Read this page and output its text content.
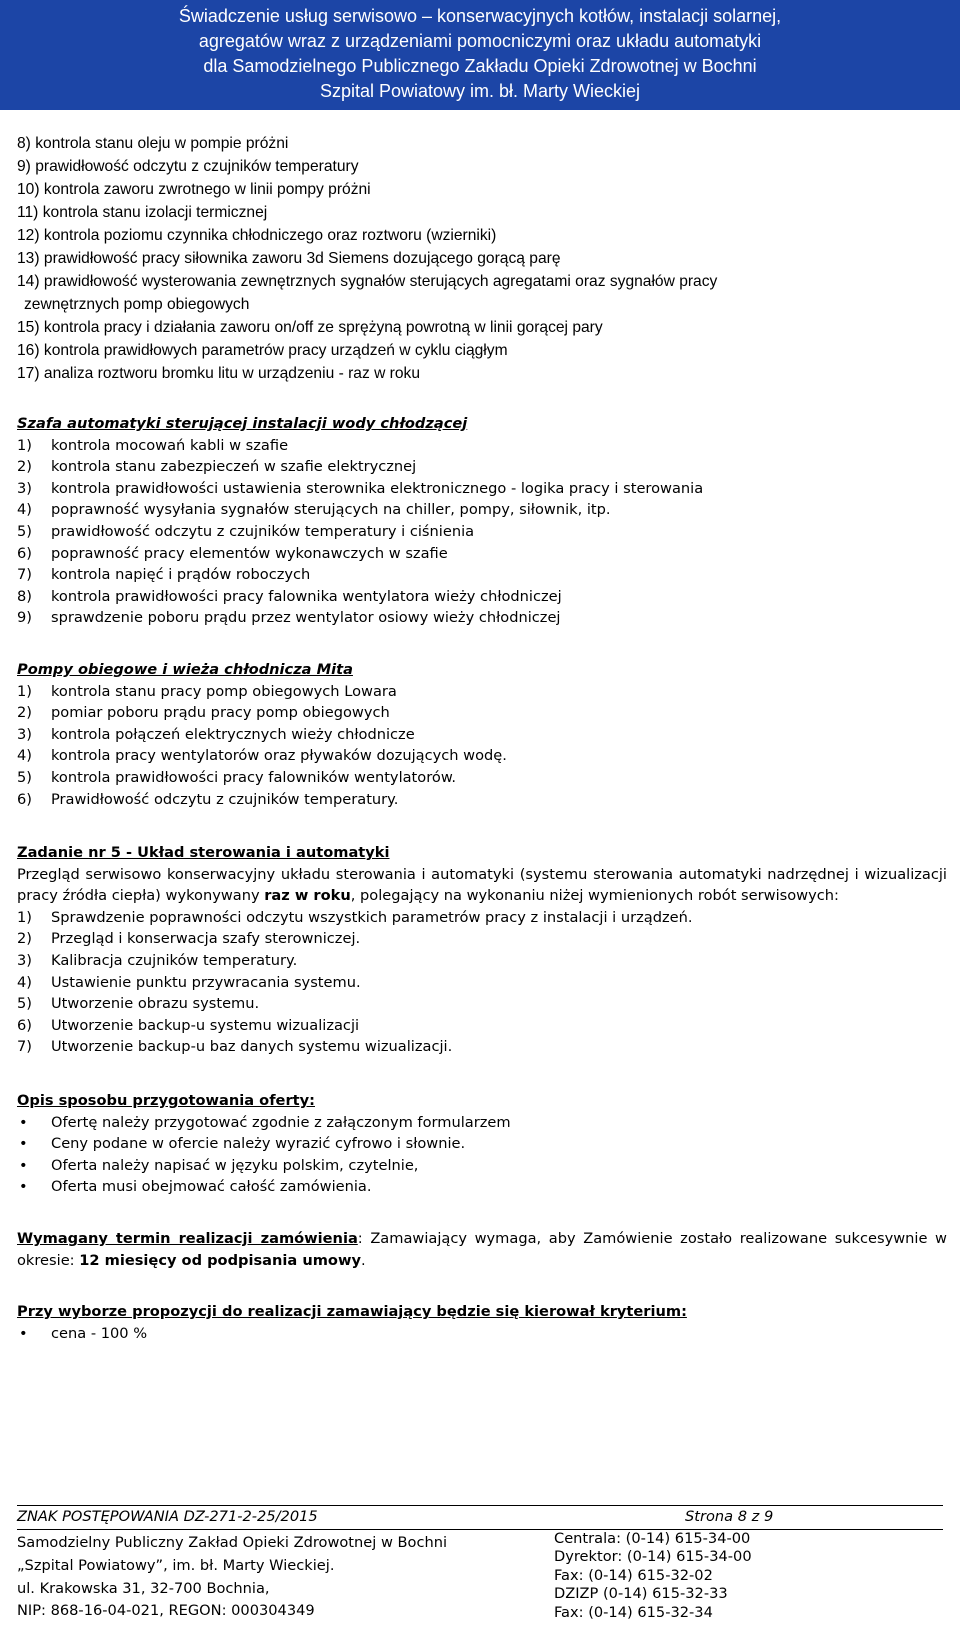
Świadczenie usług serwisowo – konserwacyjnych kotłów, instalacji solarnej,
agregatów wraz z urządzeniami pomocniczymi oraz układu automatyki
dla Samodzielnego Publicznego Zakładu Opieki Zdrowotnej w Bochni
Szpital Powiatowy im. bł. Marty Wieckiej
8) kontrola stanu oleju w pompie próżni
9) prawidłowość odczytu z czujników temperatury
10) kontrola zaworu zwrotnego w linii pompy próżni
11) kontrola stanu izolacji termicznej
12) kontrola poziomu czynnika chłodniczego oraz roztworu (wzierniki)
13) prawidłowość pracy siłownika zaworu 3d Siemens dozującego gorącą parę
14) prawidłowość wysterowania zewnętrznych sygnałów sterujących agregatami oraz sygnałów pracy
zewnętrznych pomp obiegowych
15) kontrola pracy i działania zaworu on/off ze sprężyną powrotną w linii gorącej pary
16) kontrola prawidłowych parametrów pracy urządzeń w cyklu ciągłym
17) analiza roztworu bromku litu w urządzeniu - raz w roku
Szafa automatyki sterującej instalacji wody chłodzącej
1) kontrola mocowań kabli w szafie
2) kontrola stanu zabezpieczeń w szafie elektrycznej
3) kontrola prawidłowości ustawienia sterownika elektronicznego - logika pracy i sterowania
4) poprawność wysyłania sygnałów sterujących na chiller, pompy, siłownik, itp.
5) prawidłowość odczytu z czujników temperatury i ciśnienia
6) poprawność pracy elementów wykonawczych w szafie
7) kontrola napięć i prądów roboczych
8) kontrola prawidłowości pracy falownika wentylatora wieży chłodniczej
9) sprawdzenie poboru prądu przez wentylator osiowy wieży chłodniczej
Pompy obiegowe i wieża chłodnicza Mita
1) kontrola stanu pracy pomp obiegowych Lowara
2) pomiar poboru prądu pracy pomp obiegowych
3) kontrola połączeń elektrycznych wieży chłodnicze
4) kontrola pracy wentylatorów oraz pływaków dozujących wodę.
5) kontrola prawidłowości pracy falowników wentylatorów.
6) Prawidłowość odczytu z czujników temperatury.
Zadanie nr 5 - Układ sterowania i automatyki
Przegląd serwisowo konserwacyjny układu sterowania i automatyki (systemu sterowania automatyki nadrzędnej i wizualizacji pracy źródła ciepła) wykonywany raz w roku, polegający na wykonaniu niżej wymienionych robót serwisowych:
1) Sprawdzenie poprawności odczytu wszystkich parametrów pracy z instalacji i urządzeń.
2) Przegląd i konserwacja szafy sterowniczej.
3) Kalibracja czujników temperatury.
4) Ustawienie punktu przywracania systemu.
5) Utworzenie obrazu systemu.
6) Utworzenie backup-u systemu wizualizacji
7) Utworzenie backup-u baz danych systemu wizualizacji.
Opis sposobu przygotowania oferty:
• Ofertę należy przygotować zgodnie z załączonym formularzem
• Ceny podane w ofercie należy wyrazić cyfrowo i słownie.
• Oferta należy napisać w języku polskim, czytelnie,
• Oferta musi obejmować całość zamówienia.
Wymagany termin realizacji zamówienia: Zamawiający wymaga, aby Zamówienie zostało realizowane sukcesywnie w okresie: 12 miesięcy od podpisania umowy.
Przy wyborze propozycji do realizacji zamawiający będzie się kierował kryterium:
• cena - 100 %
ZNAK POSTĘPOWANIA DZ-271-2-25/2015	Strona 8 z 9
Samodzielny Publiczny Zakład Opieki Zdrowotnej w Bochni
„Szpital Powiatowy”, im. bł. Marty Wieckiej.
ul. Krakowska 31, 32-700 Bochnia,
NIP: 868-16-04-021, REGON: 000304349
Centrala: (0-14) 615-34-00
Dyrektor: (0-14) 615-34-00
Fax: (0-14) 615-32-02
DZIZP (0-14) 615-32-33
Fax: (0-14) 615-32-34
